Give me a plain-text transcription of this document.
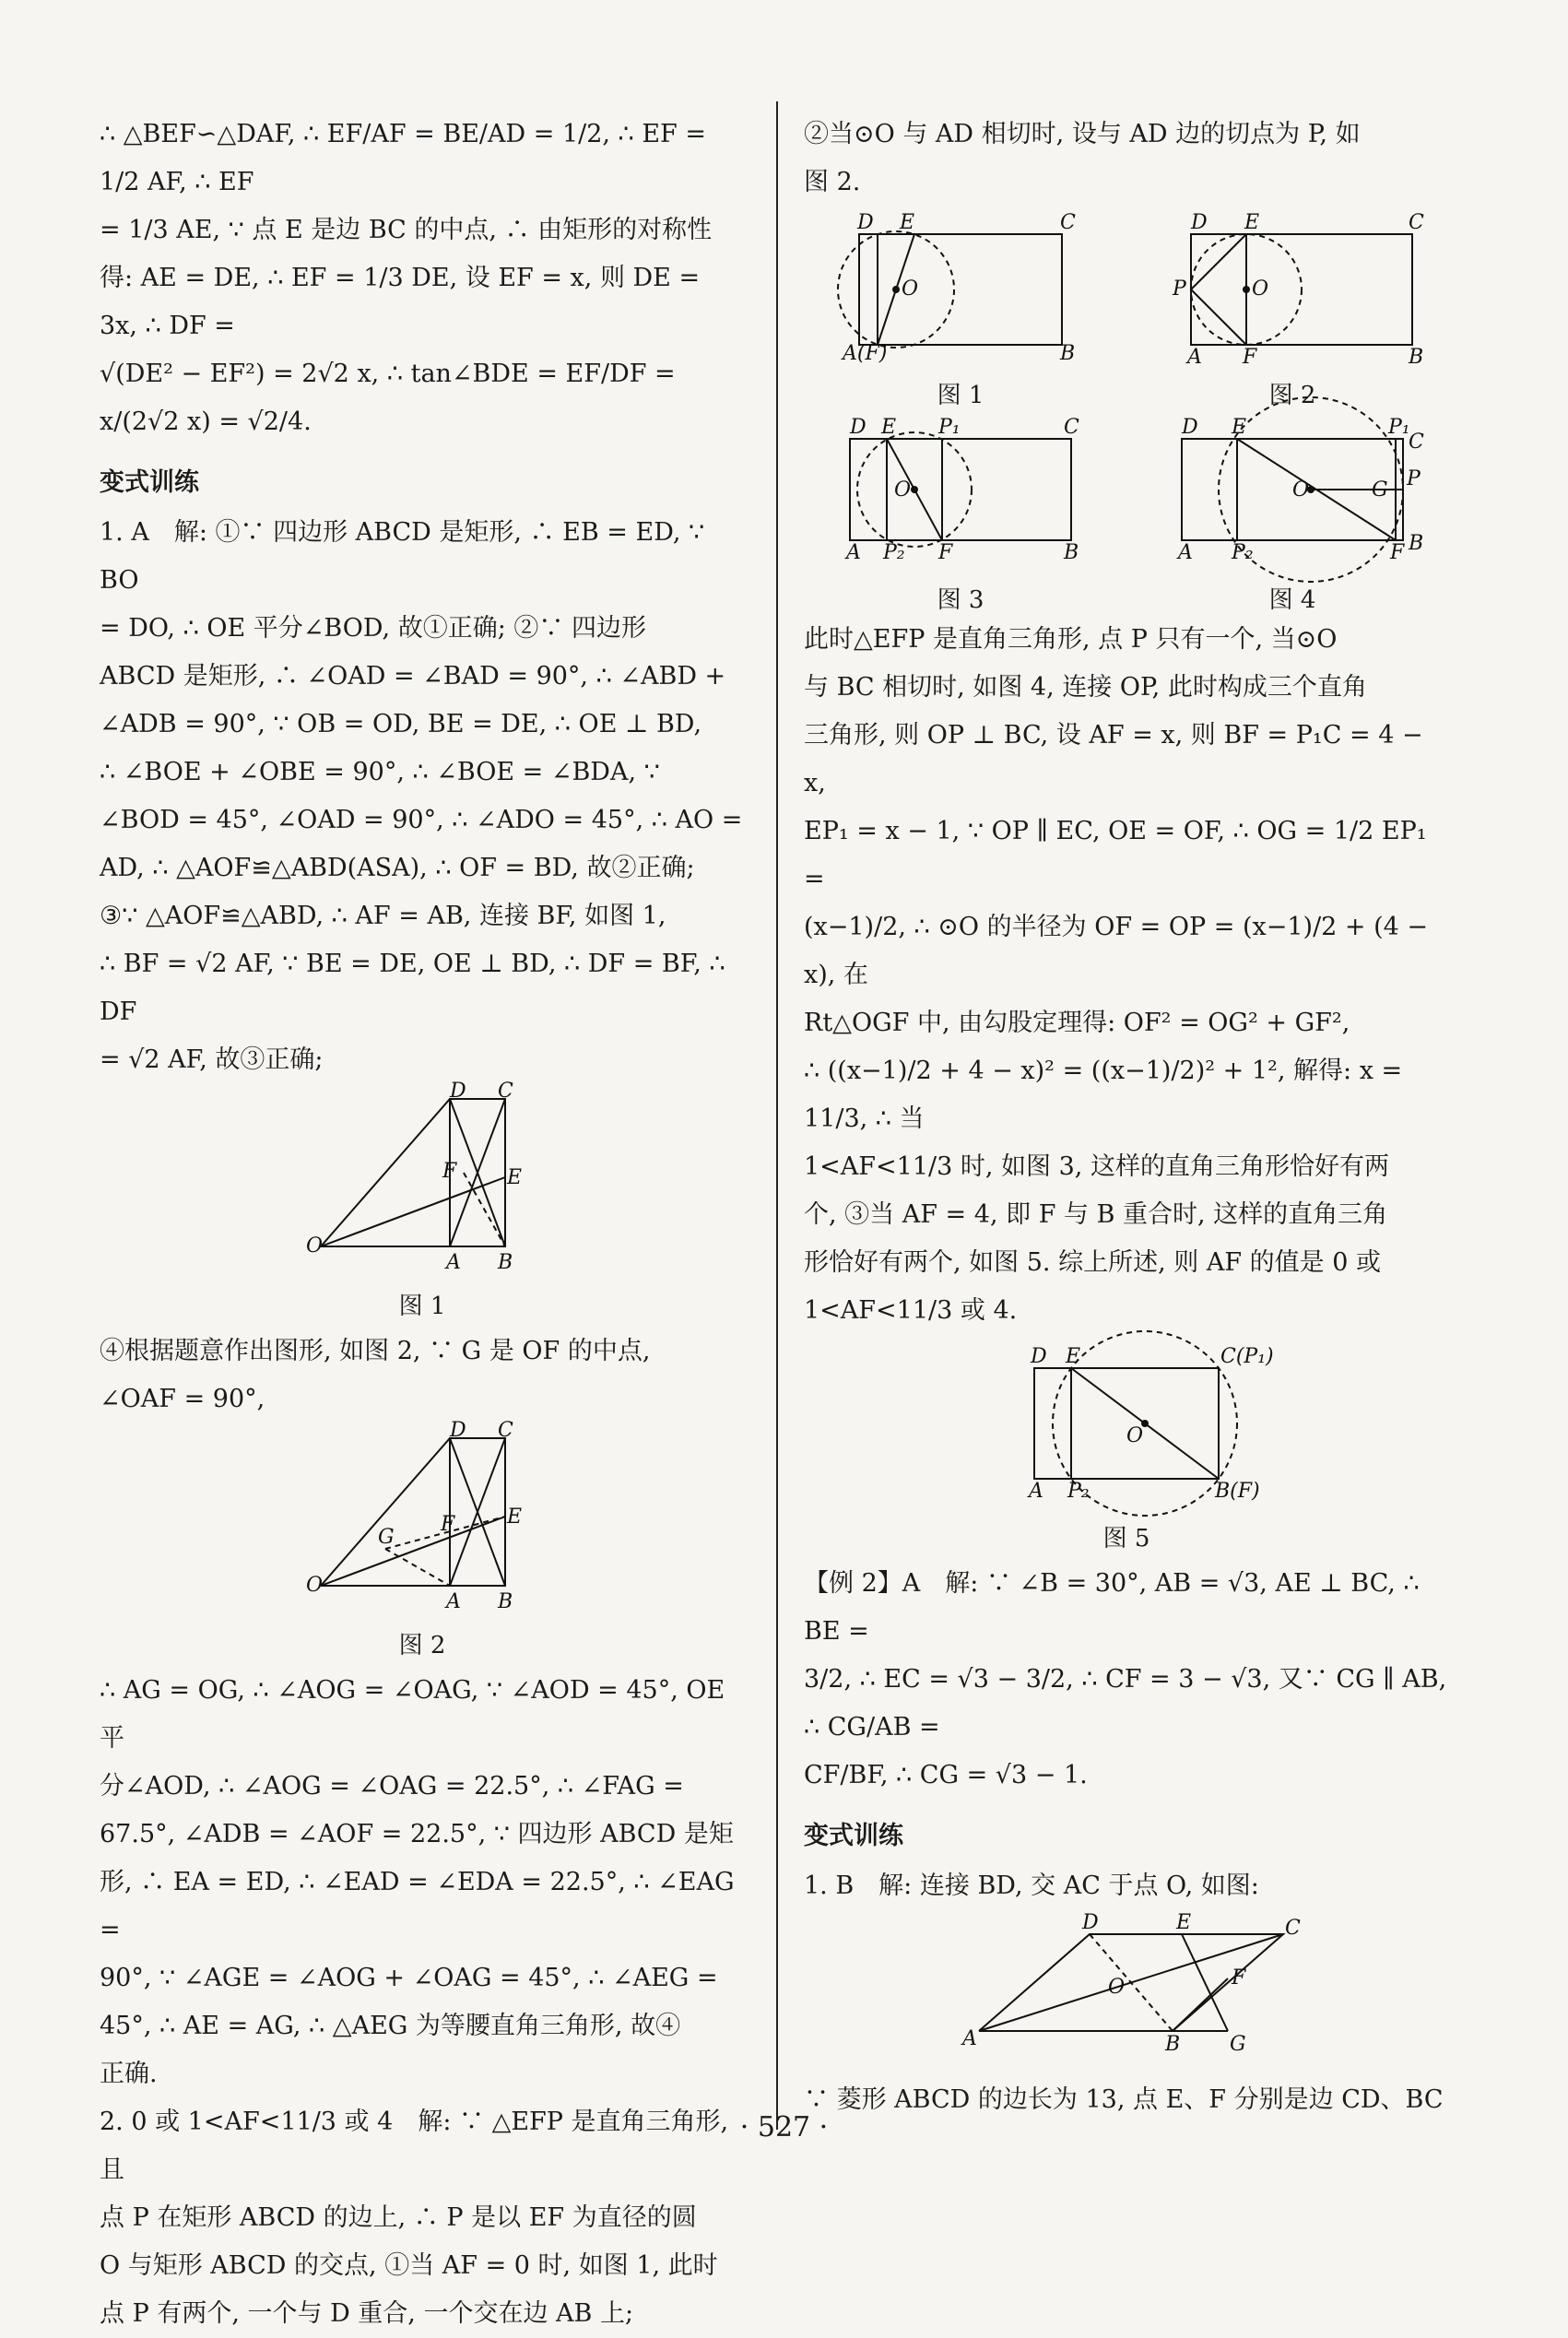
∴ △BEF∽△DAF, ∴ EF/AF = BE/AD = 1/2, ∴ EF = 1/2 AF, ∴ EF

= 1/3 AE, ∵ 点 E 是边 BC 的中点, ∴ 由矩形的对称性

得: AE = DE, ∴ EF = 1/3 DE, 设 EF = x, 则 DE = 3x, ∴ DF =

√(DE² − EF²) = 2√2 x, ∴ tan∠BDE = EF/DF = x/(2√2 x) = √2/4.

变式训练

1. A　解: ①∵ 四边形 ABCD 是矩形, ∴ EB = ED, ∵ BO

= DO, ∴ OE 平分∠BOD, 故①正确; ②∵ 四边形

ABCD 是矩形, ∴ ∠OAD = ∠BAD = 90°, ∴ ∠ABD +

∠ADB = 90°, ∵ OB = OD, BE = DE, ∴ OE ⊥ BD,

∴ ∠BOE + ∠OBE = 90°, ∴ ∠BOE = ∠BDA, ∵

∠BOD = 45°, ∠OAD = 90°, ∴ ∠ADO = 45°, ∴ AO =

AD, ∴ △AOF≌△ABD(ASA), ∴ OF = BD, 故②正确;

③∵ △AOF≌△ABD, ∴ AF = AB, 连接 BF, 如图 1,

∴ BF = √2 AF, ∵ BE = DE, OE ⊥ BD, ∴ DF = BF, ∴ DF

= √2 AF, 故③正确;

D C
O
A B
F E
图 1

④根据题意作出图形, 如图 2, ∵ G 是 OF 的中点,

∠OAF = 90°,

D C
O
A B
G
F	E
图 2

∴ AG = OG, ∴ ∠AOG = ∠OAG, ∵ ∠AOD = 45°, OE 平

分∠AOD, ∴ ∠AOG = ∠OAG = 22.5°, ∴ ∠FAG =

67.5°, ∠ADB = ∠AOF = 22.5°, ∵ 四边形 ABCD 是矩

形, ∴ EA = ED, ∴ ∠EAD = ∠EDA = 22.5°, ∴ ∠EAG =

90°, ∵ ∠AGE = ∠AOG + ∠OAG = 45°, ∴ ∠AEG =

45°, ∴ AE = AG, ∴ △AEG 为等腰直角三角形, 故④

正确.

2. 0 或 1<AF<11/3 或 4　解: ∵ △EFP 是直角三角形, 且

点 P 在矩形 ABCD 的边上, ∴ P 是以 EF 为直径的圆

O 与矩形 ABCD 的交点, ①当 AF = 0 时, 如图 1, 此时

点 P 有两个, 一个与 D 重合, 一个交在边 AB 上;

②当⊙O 与 AD 相切时, 设与 AD 边的切点为 P, 如

图 2.

D E	C
O
A(F)	B
图 1
D E	C
P	O
A F	B
图 2
D E P₁	C
O
A P₂ F	B
图 3
D E	P₁
C
O	G P
A P₂	F B
图 4

此时△EFP 是直角三角形, 点 P 只有一个, 当⊙O

与 BC 相切时, 如图 4, 连接 OP, 此时构成三个直角

三角形, 则 OP ⊥ BC, 设 AF = x, 则 BF = P₁C = 4 − x,

EP₁ = x − 1, ∵ OP ∥ EC, OE = OF, ∴ OG = 1/2 EP₁ =

(x−1)/2, ∴ ⊙O 的半径为 OF = OP = (x−1)/2 + (4 − x), 在

Rt△OGF 中, 由勾股定理得: OF² = OG² + GF²,

∴ ((x−1)/2 + 4 − x)² = ((x−1)/2)² + 1², 解得: x = 11/3, ∴ 当

1<AF<11/3 时, 如图 3, 这样的直角三角形恰好有两

个, ③当 AF = 4, 即 F 与 B 重合时, 这样的直角三角

形恰好有两个, 如图 5. 综上所述, 则 AF 的值是 0 或

1<AF<11/3 或 4.

D E	C(P₁)
O
A P₂	B(F)
图 5

【例 2】A　解: ∵ ∠B = 30°, AB = √3, AE ⊥ BC, ∴ BE =

3/2, ∴ EC = √3 − 3/2, ∴ CF = 3 − √3, 又∵ CG ∥ AB, ∴ CG/AB =

CF/BF, ∴ CG = √3 − 1.

变式训练

1. B　解: 连接 BD, 交 AC 于点 O, 如图:

D	E	C
O	F
A	B G

∵ 菱形 ABCD 的边长为 13, 点 E、F 分别是边 CD、BC

· 527 ·
